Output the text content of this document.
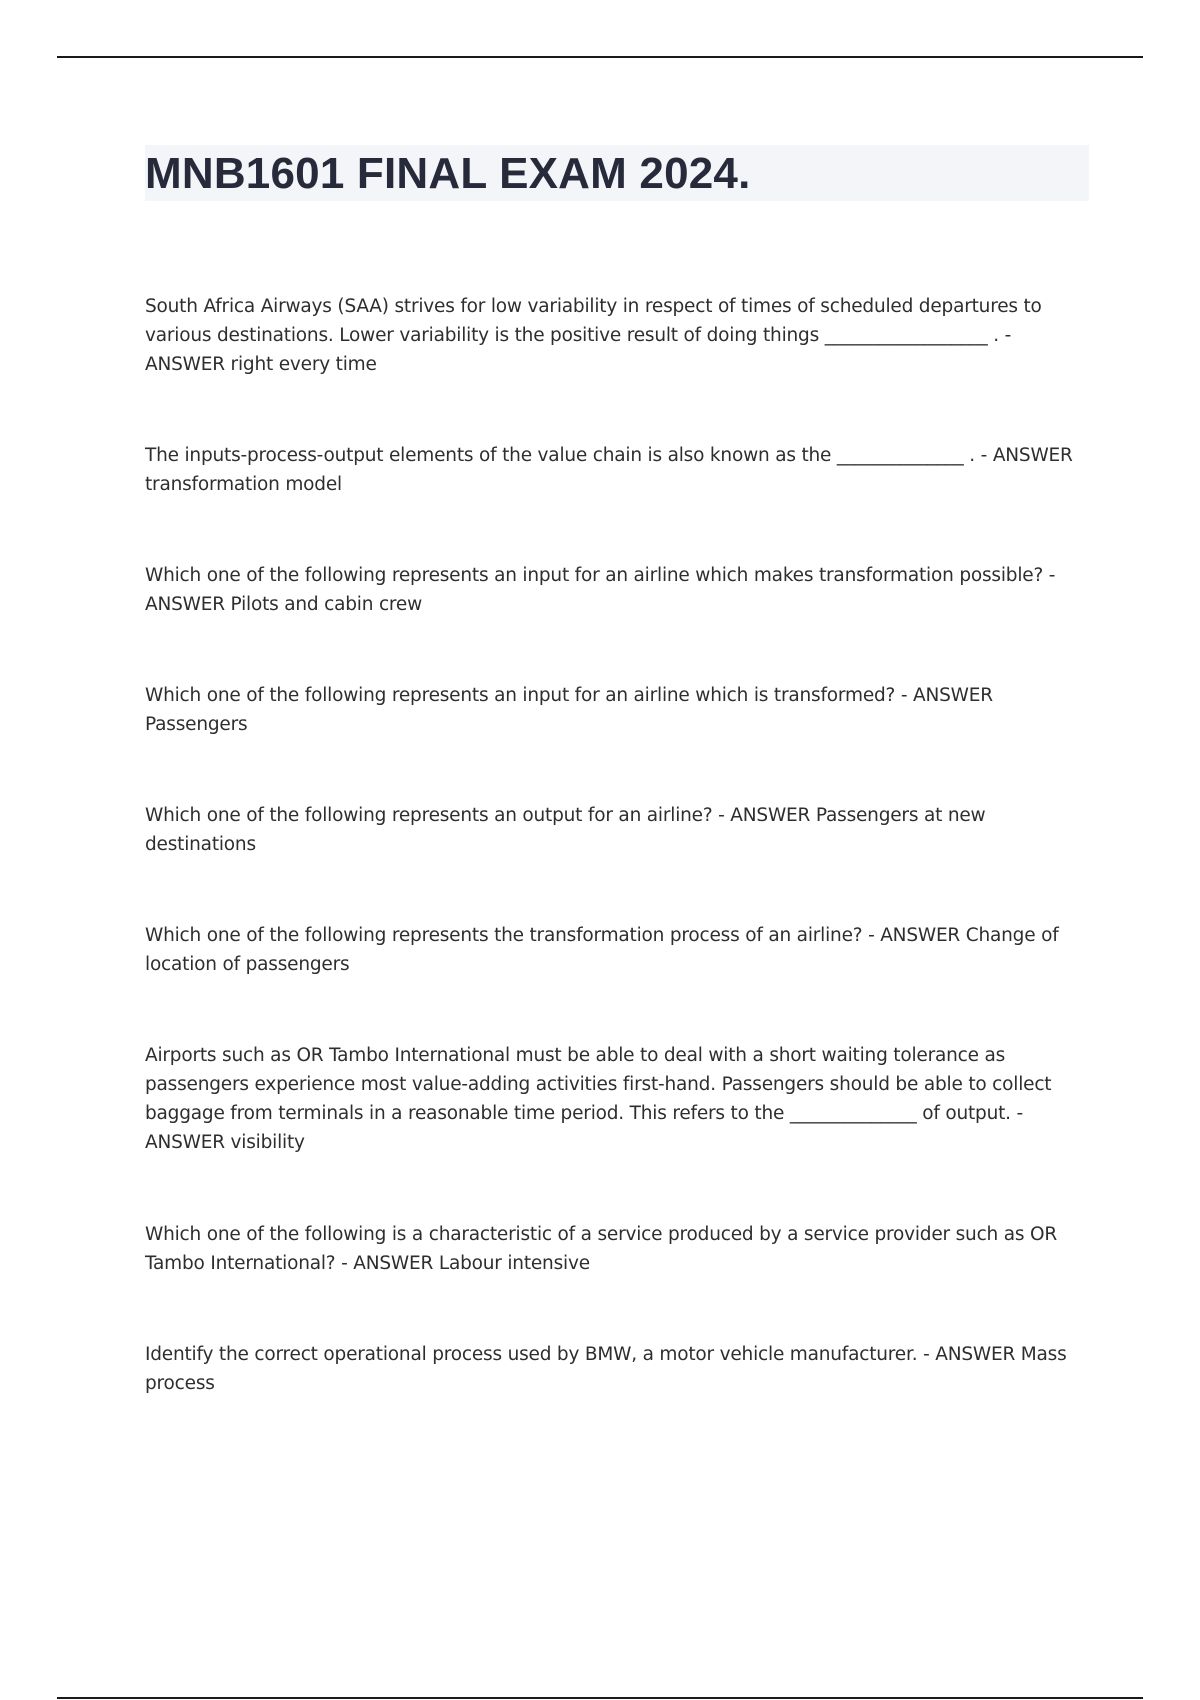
MNB1601 FINAL EXAM 2024.

South Africa Airways (SAA) strives for low variability in respect of times of scheduled departures to various destinations. Lower variability is the positive result of doing things __________________ . - ANSWER right every time

The inputs-process-output elements of the value chain is also known as the ______________ . - ANSWER transformation model

Which one of the following represents an input for an airline which makes transformation possible? - ANSWER Pilots and cabin crew

Which one of the following represents an input for an airline which is transformed? - ANSWER Passengers

Which one of the following represents an output for an airline? - ANSWER Passengers at new destinations

Which one of the following represents the transformation process of an airline? - ANSWER Change of location of passengers

Airports such as OR Tambo International must be able to deal with a short waiting tolerance as passengers experience most value-adding activities first-hand. Passengers should be able to collect baggage from terminals in a reasonable time period. This refers to the ______________ of output. - ANSWER visibility

Which one of the following is a characteristic of a service produced by a service provider such as OR Tambo International? - ANSWER Labour intensive

Identify the correct operational process used by BMW, a motor vehicle manufacturer. - ANSWER Mass process
